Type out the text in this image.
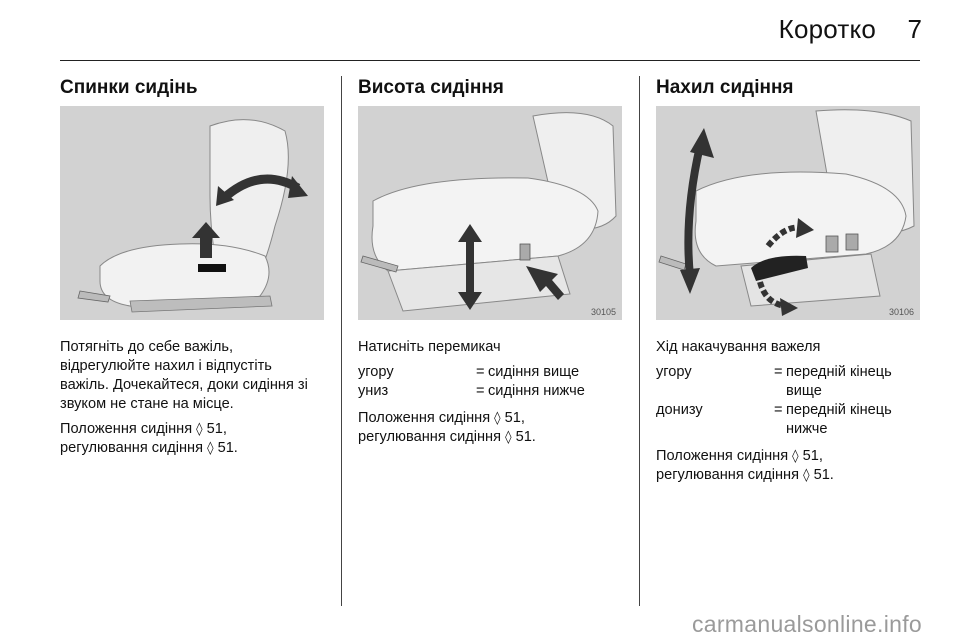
Коротко 7
Спинки сидінь

Потягніть до себе важіль, відрегулюйте нахил і відпустіть важіль. Дочекайтеся, доки сидіння зі звуком не стане на місце.

Положення сидіння ◊ 51,
регулювання сидіння ◊ 51.

Висота сидіння
30105

Натисніть перемикач

угору	=	сидіння вище
униз	=	сидіння нижче

Положення сидіння ◊ 51,
регулювання сидіння ◊ 51.

Нахил сидіння
30106

Хід накачування важеля

угору	=	передній кінець вище
донизу	=	передній кінець нижче

Положення сидіння ◊ 51,
регулювання сидіння ◊ 51.

carmanualsonline.info
